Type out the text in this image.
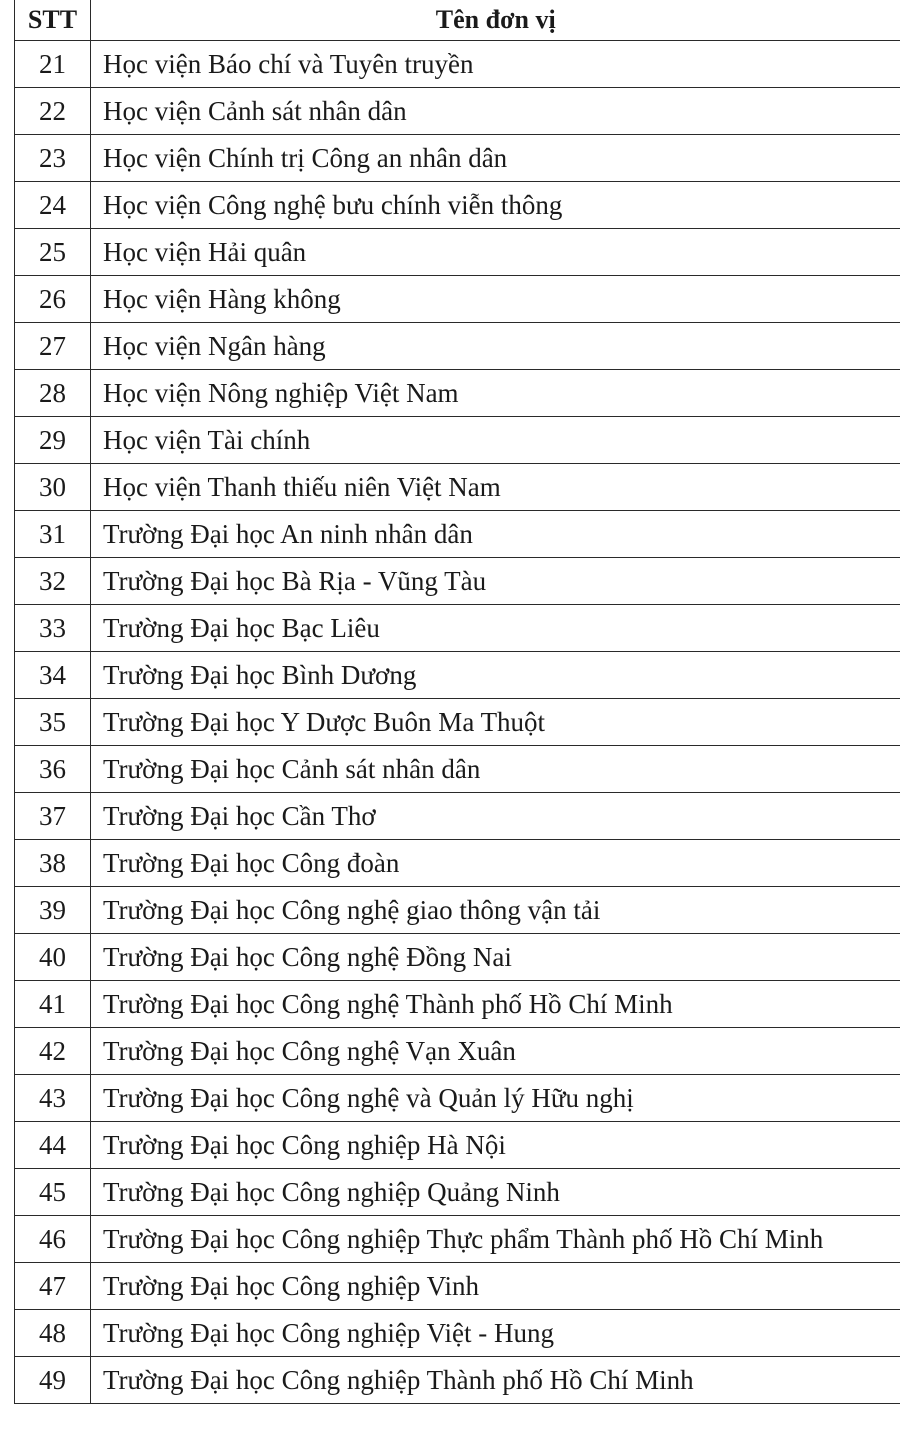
STT	Tên đơn vị
21	Học viện Báo chí và Tuyên truyền
22	Học viện Cảnh sát nhân dân
23	Học viện Chính trị Công an nhân dân
24	Học viện Công nghệ bưu chính viễn thông
25	Học viện Hải quân
26	Học viện Hàng không
27	Học viện Ngân hàng
28	Học viện Nông nghiệp Việt Nam
29	Học viện Tài chính
30	Học viện Thanh thiếu niên Việt Nam
31	Trường Đại học An ninh nhân dân
32	Trường Đại học Bà Rịa - Vũng Tàu
33	Trường Đại học Bạc Liêu
34	Trường Đại học Bình Dương
35	Trường Đại học Y Dược Buôn Ma Thuột
36	Trường Đại học Cảnh sát nhân dân
37	Trường Đại học Cần Thơ
38	Trường Đại học Công đoàn
39	Trường Đại học Công nghệ giao thông vận tải
40	Trường Đại học Công nghệ Đồng Nai
41	Trường Đại học Công nghệ Thành phố Hồ Chí Minh
42	Trường Đại học Công nghệ Vạn Xuân
43	Trường Đại học Công nghệ và Quản lý Hữu nghị
44	Trường Đại học Công nghiệp Hà Nội
45	Trường Đại học Công nghiệp Quảng Ninh
46	Trường Đại học Công nghiệp Thực phẩm Thành phố Hồ Chí Minh
47	Trường Đại học Công nghiệp Vinh
48	Trường Đại học Công nghiệp Việt - Hung
49	Trường Đại học Công nghiệp Thành phố Hồ Chí Minh
